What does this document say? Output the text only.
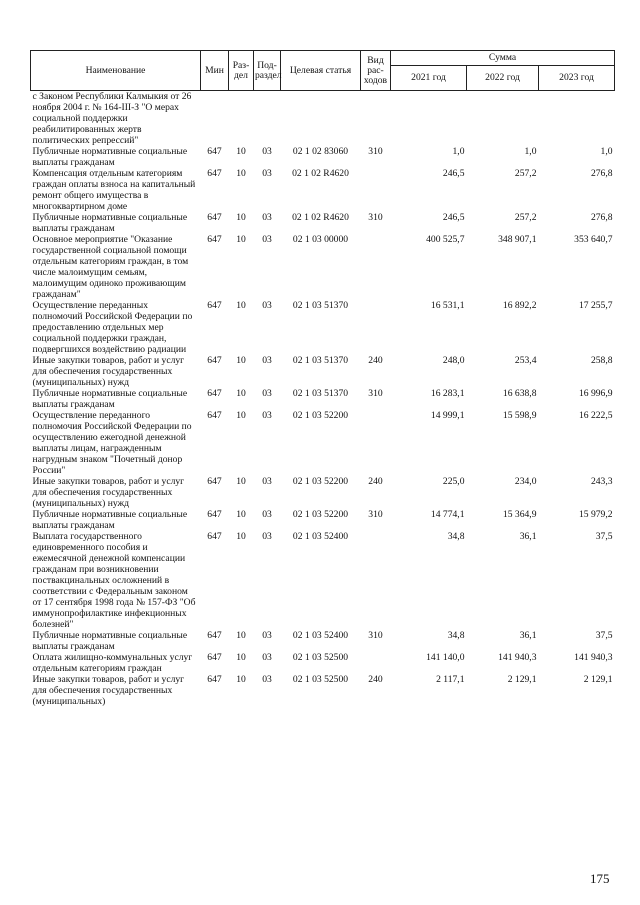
Наименование	Мин	Раз-дел	Под-раздел	Целевая статья	Вид рас-ходов	Сумма		
						2021 год	2022 год	2023 год
с Законом Республики Калмыкия от 26 ноября 2004 г. № 164-III-З "О мерах социальной поддержки реабилитированных жертв политических репрессий"								
Публичные нормативные социальные выплаты гражданам	647	10	03	02 1 02 83060	310	1,0	1,0	1,0
Компенсация отдельным категориям граждан оплаты взноса на капитальный ремонт общего имущества в многоквартирном доме	647	10	03	02 1 02 R4620		246,5	257,2	276,8
Публичные нормативные социальные выплаты гражданам	647	10	03	02 1 02 R4620	310	246,5	257,2	276,8
Основное мероприятие "Оказание государственной социальной помощи отдельным категориям граждан, в том числе малоимущим семьям, малоимущим одиноко проживающим гражданам"	647	10	03	02 1 03 00000		400 525,7	348 907,1	353 640,7
Осуществление переданных полномочий Российской Федерации по предоставлению отдельных мер социальной поддержки граждан, подвергшихся воздействию радиации	647	10	03	02 1 03 51370		16 531,1	16 892,2	17 255,7
Иные закупки товаров, работ и услуг для обеспечения государственных (муниципальных) нужд	647	10	03	02 1 03 51370	240	248,0	253,4	258,8
Публичные нормативные социальные выплаты гражданам	647	10	03	02 1 03 51370	310	16 283,1	16 638,8	16 996,9
Осуществление переданного полномочия Российской Федерации по осуществлению ежегодной денежной выплаты лицам, награжденным нагрудным знаком "Почетный донор России"	647	10	03	02 1 03 52200		14 999,1	15 598,9	16 222,5
Иные закупки товаров, работ и услуг для обеспечения государственных (муниципальных) нужд	647	10	03	02 1 03 52200	240	225,0	234,0	243,3
Публичные нормативные социальные выплаты гражданам	647	10	03	02 1 03 52200	310	14 774,1	15 364,9	15 979,2
Выплата государственного единовременного пособия и ежемесячной денежной компенсации гражданам при возникновении поствакцинальных осложнений в соответствии с Федеральным законом от 17 сентября 1998 года № 157-ФЗ "Об иммунопрофилактике инфекционных болезней"	647	10	03	02 1 03 52400		34,8	36,1	37,5
Публичные нормативные социальные выплаты гражданам	647	10	03	02 1 03 52400	310	34,8	36,1	37,5
Оплата жилищно-коммунальных услуг отдельным категориям граждан	647	10	03	02 1 03 52500		141 140,0	141 940,3	141 940,3
Иные закупки товаров, работ и услуг для обеспечения государственных (муниципальных)	647	10	03	02 1 03 52500	240	2 117,1	2 129,1	2 129,1
175
